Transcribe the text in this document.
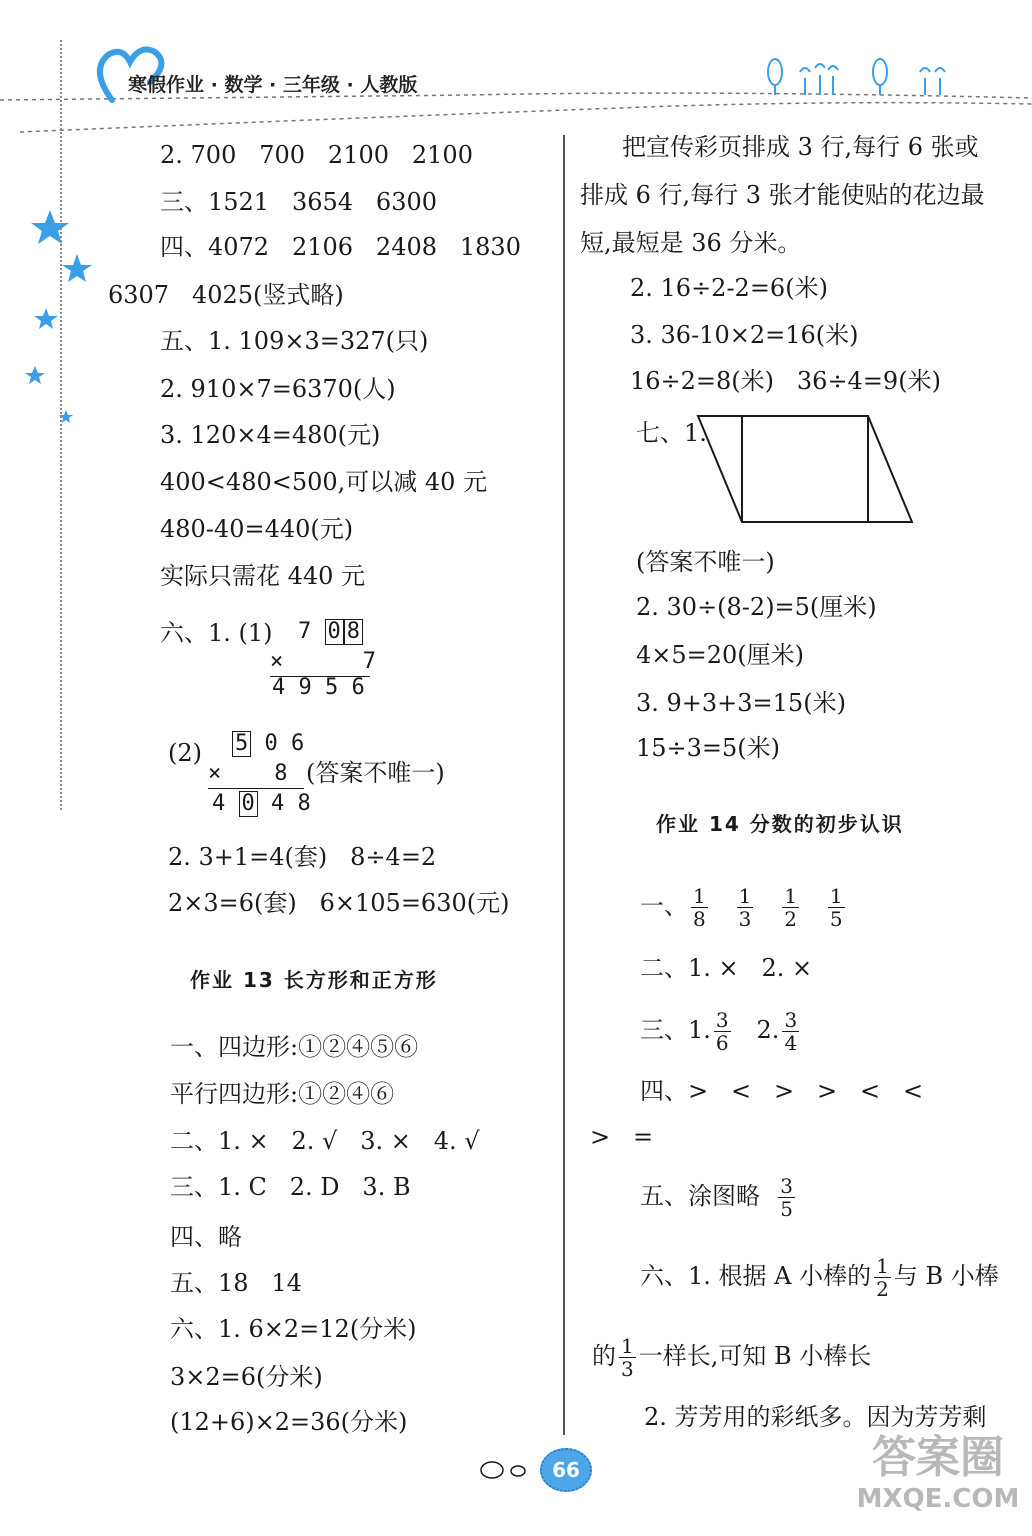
寒假作业 · 数学 · 三年级 · 人教版
2. 700   700   2100   2100
三、1521   3654   6300
四、4072   2106   2408   1830
6307   4025(竖式略)
五、1. 109×3=327(只)
2. 910×7=6370(人)
3. 120×4=480(元)
400<480<500,可以减 40 元
480-40=440(元)
实际只需花 440 元
六、1. (1) 7 0 8
×      7
4 9 5 6
(2) 5 0 6
×    8 (答案不唯一)
4 0 4 8
2. 3+1=4(套)   8÷4=2
2×3=6(套)   6×105=630(元)
作业 13 长方形和正方形
一、四边形:①②④⑤⑥
平行四边形:①②④⑥
二、1. ×   2. √   3. ×   4. √
三、1. C   2. D   3. B
四、略
五、18   14
六、1. 6×2=12(分米)
3×2=6(分米)
(12+6)×2=36(分米)
把宣传彩页排成 3 行,每行 6 张或
排成 6 行,每行 3 张才能使贴的花边最
短,最短是 36 分米。
2. 16÷2-2=6(米)
3. 36-10×2=16(米)
16÷2=8(米)   36÷4=9(米)
七、1.
(答案不唯一)
2. 30÷(8-2)=5(厘米)
4×5=20(厘米)
3. 9+3+3=15(米)
15÷3=5(米)
作业 14 分数的初步认识
一、 $\frac{1}{8}$
$\frac{1}{3}$
$\frac{1}{2}$
$\frac{1}{5}$
二、1. ×   2. ×
三、1. $\frac{3}{6} 2$. $\frac{3}{4}$
四、>   <   >   >   <   <
>   =
五、涂图略 $\frac{3}{5}$
六、1. 根据 A 小棒的 $\frac{1}{2}$ 与 B 小棒
的 $\frac{1}{3}$ 一样长,可知 B 小棒长
2. 芳芳用的彩纸多。因为芳芳剩
66	答案圈
MXQE.COM
